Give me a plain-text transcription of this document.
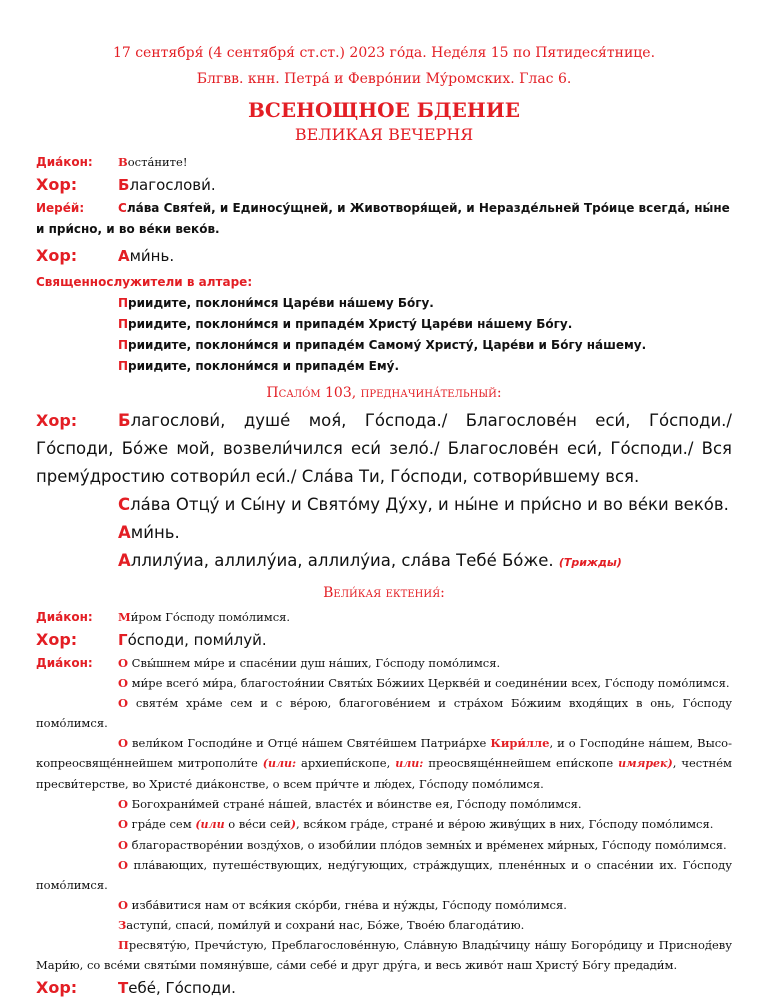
17 сентября́ (4 сентября́ ст.ст.) 2023 го́да. Неде́ля 15 по Пятидеся́тнице.
Блгвв. кнн. Петра́ и Февро́нии Му́ромских. Глас 6.
ВСЕНОЩНОЕ БДЕНИЕ
ВЕЛИКАЯ ВЕЧЕРНЯ
Диа́кон:	Воста́ните!
Хор:	Благослови́.
Иере́й:	Сла́ва Свят́ей, и Единосу́щней, и Животворя́щей, и Неразде́льней Тро́ице всегда́, ны́не и при́сно, и во ве́ки веко́в.
Хор:	Ами́нь.
Священнослужители в алтаре:
Приидите, поклони́мся Царе́ви на́шему Бо́гу.
Приидите, поклони́мся и припаде́м Христу́ Царе́ви на́шему Бо́гу.
Приидите, поклони́мся и припаде́м Самому́ Христу́, Царе́ви и Бо́гу на́шему.
Приидите, поклони́мся и припаде́м Ему́.
Псало́м 103, предначина́тельный:
Хор: Благослови́, душе́ моя́, Го́спода./ Благослове́н еси́, Го́споди./ Го́споди, Бо́же мой, возвели́чился еси́ зело́./ Благослове́н еси́, Го́споди./ Вся прему́дростию сотвори́л еси́./ Сла́ва Ти, Го́споди, сотвори́вшему вся.
Сла́ва Отцу́ и Сы́ну и Свято́му Ду́ху, и ны́не и при́сно и во ве́ки веко́в. Ами́нь.
Аллилу́иа, аллилу́иа, аллилу́иа, сла́ва Тебе́ Бо́же. (Трижды)
Вели́кая ектения́:
Диа́кон:	Ми́ром Го́споду помо́лимся.
Хор:	Го́споди, поми́луй.
Диа́кон:	О Свы́шнем ми́ре и спасе́нии душ на́ших, Го́споду помо́лимся.
О ми́ре всего́ ми́ра, благостоя́нии Святы́х Бо́жиих Церкве́й и соедине́нии всех, Го́споду помо́лимся.
О святе́м хра́ме сем и с ве́рою, благогове́нием и стра́хом Бо́жиим входя́щих в онь, Го́споду помо́лимся.
О вели́ком Господи́не и Отце́ на́шем Святе́йшем Патриа́рхе Кири́лле, и о Господи́не на́шем, Высокопреосвяще́ннейшем митрополи́те (или: архиепи́скопе, или: преосвяще́ннейшем епи́скопе имярек), честне́м пресви́терстве, во Христе́ диа́констве, о всем при́чте и лю́дех, Го́споду помо́лимся.
О Богохрани́мей стране́ на́шей, власте́х и во́инстве ея, Го́споду помо́лимся.
О гра́де сем (или о ве́си сей), вся́ком гра́де, стране́ и ве́рою живу́щих в них, Го́споду помо́лимся.
О благораствоpе́нии возду́хов, о изоби́лии пло́дов земны́х и вре́менех ми́рных, Го́споду помо́лимся.
О пла́вающих, путеше́ствующих, неду́гующих, стра́ждущих, плене́нных и о спасе́нии их. Го́споду помо́лимся.
О изба́витися нам от вся́кия ско́рби, гне́ва и ну́жды, Го́споду помо́лимся.
Заступи́, спаси́, поми́луй и сохрани́ нас, Бо́же, Твое́ю благода́тию.
Пресвяту́ю, Пречи́стую, Преблагослове́нную, Сла́вную Влады́чицу на́шу Богоро́дицу и Приснод́еву Мари́ю, со все́ми святы́ми помяну́вше, са́ми себе́ и друг дру́га, и весь живо́т наш Христу́ Бо́гу предади́м.
Хор:	Тебе́, Го́споди.
